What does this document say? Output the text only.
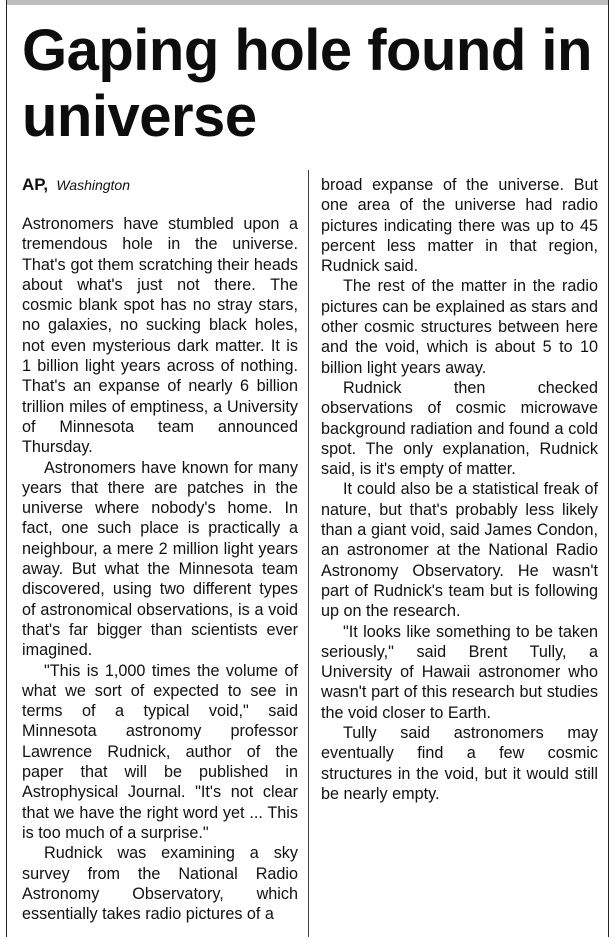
Gaping hole found in universe
AP, Washington

Astronomers have stumbled upon a tremendous hole in the universe. That's got them scratching their heads about what's just not there. The cosmic blank spot has no stray stars, no galaxies, no sucking black holes, not even mysterious dark matter. It is 1 billion light years across of nothing. That's an expanse of nearly 6 billion trillion miles of emptiness, a University of Minnesota team announced Thursday.

Astronomers have known for many years that there are patches in the universe where nobody's home. In fact, one such place is practically a neighbour, a mere 2 million light years away. But what the Minnesota team discovered, using two different types of astronomical observations, is a void that's far bigger than scientists ever imagined.

"This is 1,000 times the volume of what we sort of expected to see in terms of a typical void," said Minnesota astronomy professor Lawrence Rudnick, author of the paper that will be published in Astrophysical Journal. "It's not clear that we have the right word yet ... This is too much of a surprise."

Rudnick was examining a sky survey from the National Radio Astronomy Observatory, which essentially takes radio pictures of a

broad expanse of the universe. But one area of the universe had radio pictures indicating there was up to 45 percent less matter in that region, Rudnick said.

The rest of the matter in the radio pictures can be explained as stars and other cosmic structures between here and the void, which is about 5 to 10 billion light years away.

Rudnick then checked observations of cosmic microwave background radiation and found a cold spot. The only explanation, Rudnick said, is it's empty of matter.

It could also be a statistical freak of nature, but that's probably less likely than a giant void, said James Condon, an astronomer at the National Radio Astronomy Observatory. He wasn't part of Rudnick's team but is following up on the research.

"It looks like something to be taken seriously," said Brent Tully, a University of Hawaii astronomer who wasn't part of this research but studies the void closer to Earth.

Tully said astronomers may eventually find a few cosmic structures in the void, but it would still be nearly empty.
